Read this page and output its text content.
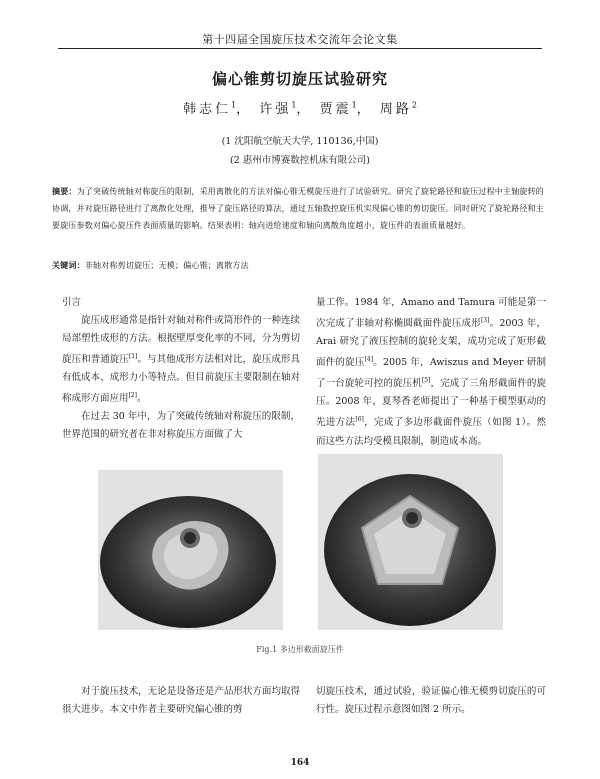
第十四届全国旋压技术交流年会论文集
偏心锥剪切旋压试验研究
韩志仁$^1$， 许强$^1$， 贾震$^1$， 周路$^2$
(1 沈阳航空航天大学, 110136,中国)
(2 惠州市博赛数控机床有限公司)
摘要：为了突破传统轴对称旋压的限制，采用离散化的方法对偏心锥无模旋压进行了试验研究。研究了旋轮路径和旋压过程中主轴旋转的协调，并对旋压路径进行了离散化处理，推导了旋压路径的算法，通过五轴数控旋压机实现偏心锥的剪切旋压。同时研究了旋轮路径和主要旋压参数对偏心旋压件表面质量的影响。结果表明：轴向进给速度和轴向离散角度越小，旋压件的表面质量越好。
关键词：非轴对称剪切旋压；无模；偏心锥；离散方法

引言

旋压成形通常是指针对轴对称件或筒形件的一种连续局部塑性成形的方法。根据壁厚变化率的不同，分为剪切旋压和普通旋压[1]。与其他成形方法相对比，旋压成形具有低成本、成形力小等特点。但目前旋压主要限制在轴对称成形方面应用[2]。

在过去 30 年中，为了突破传统轴对称旋压的限制，世界范围的研究者在非对称旋压方面做了大

量工作。1984 年，Amano and Tamura 可能是第一次完成了非轴对称椭圆截面件旋压成形[3]。2003 年，Arai 研究了液压控制的旋轮支架，成功完成了矩形截面件的旋压[4]。2005 年，Awiszus and Meyer 研制了一台旋轮可控的旋压机[5]，完成了三角形截面件的旋压。2008 年，夏琴香老师提出了一种基于模型驱动的先进方法[6]，完成了多边形截面件旋压（如图 1）。然而这些方法均受模具限制，制造成本高。

Fig.1 多边形截面旋压件

对于旋压技术，无论是设备还是产品形状方面均取得很大进步。本文中作者主要研究偏心锥的剪

切旋压技术，通过试验，验证偏心锥无模剪切旋压的可行性。旋压过程示意图如图 2 所示。

164
